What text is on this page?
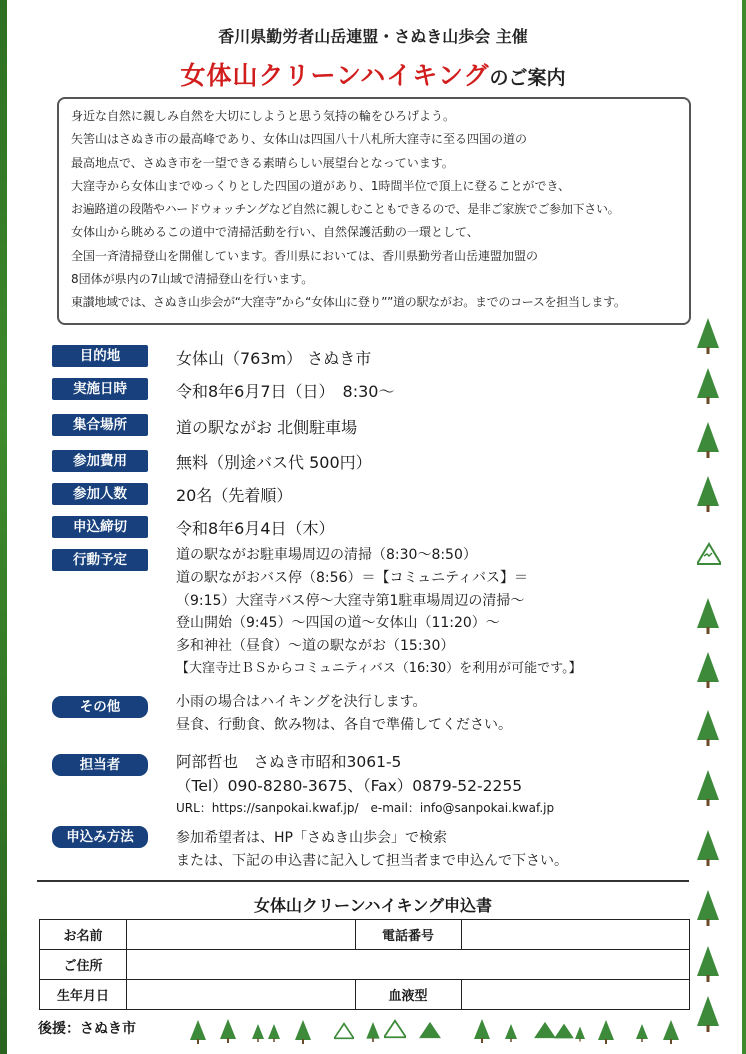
香川県勤労者山岳連盟・さぬき山歩会 主催
女体山クリーンハイキングのご案内

身近な自然に親しみ自然を大切にしようと思う気持の輪をひろげよう。

矢筈山はさぬき市の最高峰であり、女体山は四国八十八札所大窪寺に至る四国の道の

最高地点で、さぬき市を一望できる素晴らしい展望台となっています。

大窪寺から女体山までゆっくりとした四国の道があり、1時間半位で頂上に登ることができ、

お遍路道の段階やハードウォッチングなど自然に親しむこともできるので、是非ご家族でご参加下さい。

女体山から眺めるこの道中で清掃活動を行い、自然保護活動の一環として、

全国一斉清掃登山を開催しています。香川県においては、香川県勤労者山岳連盟加盟の

8団体が県内の7山域で清掃登山を行います。

東讃地域では、さぬき山歩会が“大窪寺”から“女体山に登り””道の駅ながお。までのコースを担当します。

目的地	女体山（763m） さぬき市
実施日時	令和8年6月7日（日）　8:30～
集合場所	道の駅ながお 北側駐車場
参加費用	無料（別途バス代 500円）
参加人数	20名（先着順）
申込締切	令和8年6月4日（木）
行動予定	道の駅ながお駐車場周辺の清掃（8:30～8:50）
道の駅ながおバス停（8:56）＝【コミュニティバス】＝
（9:15）大窪寺バス停～大窪寺第1駐車場周辺の清掃～
登山開始（9:45）～四国の道～女体山（11:20）～
多和神社（昼食）～道の駅ながお（15:30）
【大窪寺辻ＢＳからコミュニティバス（16:30）を利用が可能です。】
その他	小雨の場合はハイキングを決行します。
昼食、行動食、飲み物は、各自で準備してください。
担当者	阿部哲也　さぬき市昭和3061-5
（Tel）090-8280-3675、（Fax）0879-52-2255
URL：https://sanpokai.kwaf.jp/　e-mail：info@sanpokai.kwaf.jp
申込み方法	参加希望者は、HP「さぬき山歩会」で検索
または、下記の申込書に記入して担当者まで申込んで下さい。
女体山クリーンハイキング申込書
お名前		電話番号	
ご住所			
生年月日		血液型	
後援：さぬき市
